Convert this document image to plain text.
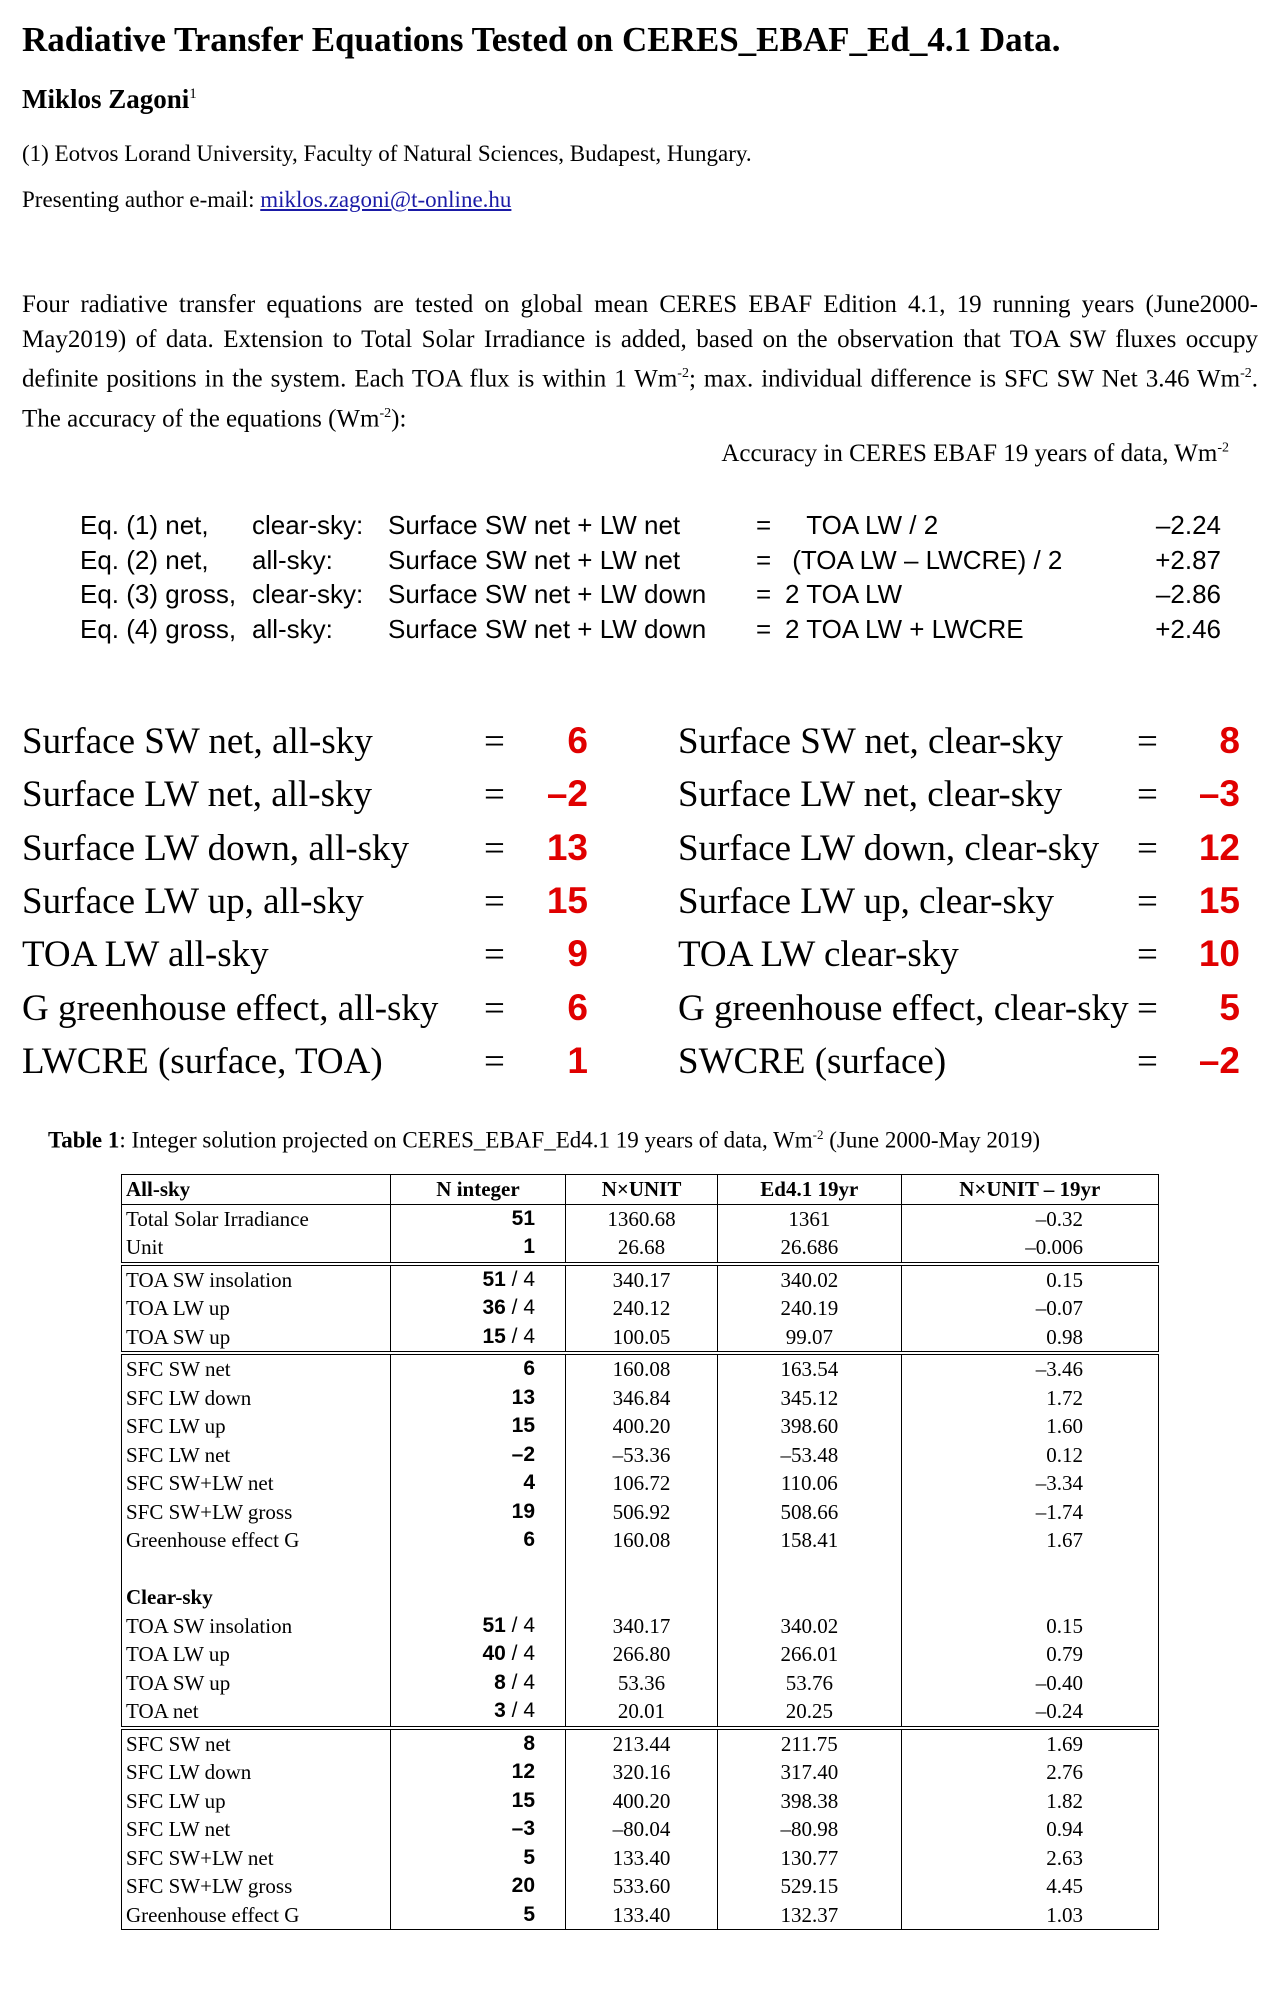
Radiative Transfer Equations Tested on CERES_EBAF_Ed_4.1 Data.
Miklos Zagoni$^1$
(1) Eotvos Lorand University, Faculty of Natural Sciences, Budapest, Hungary.
Presenting author e-mail: miklos.zagoni@t-online.hu

Four radiative transfer equations are tested on global mean CERES EBAF Edition 4.1, 19 running years (June2000-May2019) of data. Extension to Total Solar Irradiance is added, based on the observation that TOA SW fluxes occupy definite positions in the system. Each TOA flux is within 1 $Wm^{-2}$; max. individual difference is SFC SW Net 3.46 $Wm^{-2}$. The accuracy of the equations $(Wm^{-2})$:

Accuracy in CERES EBAF 19 years of data, $Wm^{-2}$
Eq. (1) net, clear-sky: Surface SW net + LW net	= TOA LW / 2	–2.24
Eq. (2) net, all-sky: Surface SW net + LW net	= (TOA LW – LWCRE) / 2	+2.87
Eq. (3) gross, clear-sky: Surface SW net + LW down = 2 TOA LW	–2.86
Eq. (4) gross, all-sky: Surface SW net + LW down = 2 TOA LW + LWCRE	+2.46
Surface SW net, all-sky	=	6 Surface SW net, clear-sky =	8
Surface LW net, all-sky	=	–2 Surface LW net, clear-sky =	–3
Surface LW down, all-sky =	13 Surface LW down, clear-sky =	12
Surface LW up, all-sky	=	15 Surface LW up, clear-sky =	15
TOA LW all-sky	=	9 TOA LW clear-sky	=	10
G greenhouse effect, all-sky =	6 G greenhouse effect, clear-sky =	5
LWCRE (surface, TOA)	=	1 SWCRE (surface)	=	–2
Table 1: Integer solution projected on CERES_EBAF_Ed4.1 19 years of data, $Wm^{-2}$ (June 2000-May 2019)
All-sky	N integer	N×UNIT	Ed4.1 19yr	N×UNIT – 19yr
Total Solar Irradiance	51	1360.68	1361	–0.32
Unit	1	26.68	26.686	–0.006
TOA SW insolation	51 / 4	340.17	340.02	0.15
TOA LW up	36 / 4	240.12	240.19	–0.07
TOA SW up	15 / 4	100.05	99.07	0.98
SFC SW net	6	160.08	163.54	–3.46
SFC LW down	13	346.84	345.12	1.72
SFC LW up	15	400.20	398.60	1.60
SFC LW net	–2	–53.36	–53.48	0.12
SFC SW+LW net	4	106.72	110.06	–3.34
SFC SW+LW gross	19	506.92	508.66	–1.74
Greenhouse effect G	6	160.08	158.41	1.67

Clear-sky				
TOA SW insolation	51 / 4	340.17	340.02	0.15
TOA LW up	40 / 4	266.80	266.01	0.79
TOA SW up	8 / 4	53.36	53.76	–0.40
TOA net	3 / 4	20.01	20.25	–0.24
SFC SW net	8	213.44	211.75	1.69
SFC LW down	12	320.16	317.40	2.76
SFC LW up	15	400.20	398.38	1.82
SFC LW net	–3	–80.04	–80.98	0.94
SFC SW+LW net	5	133.40	130.77	2.63
SFC SW+LW gross	20	533.60	529.15	4.45
Greenhouse effect G	5	133.40	132.37	1.03
